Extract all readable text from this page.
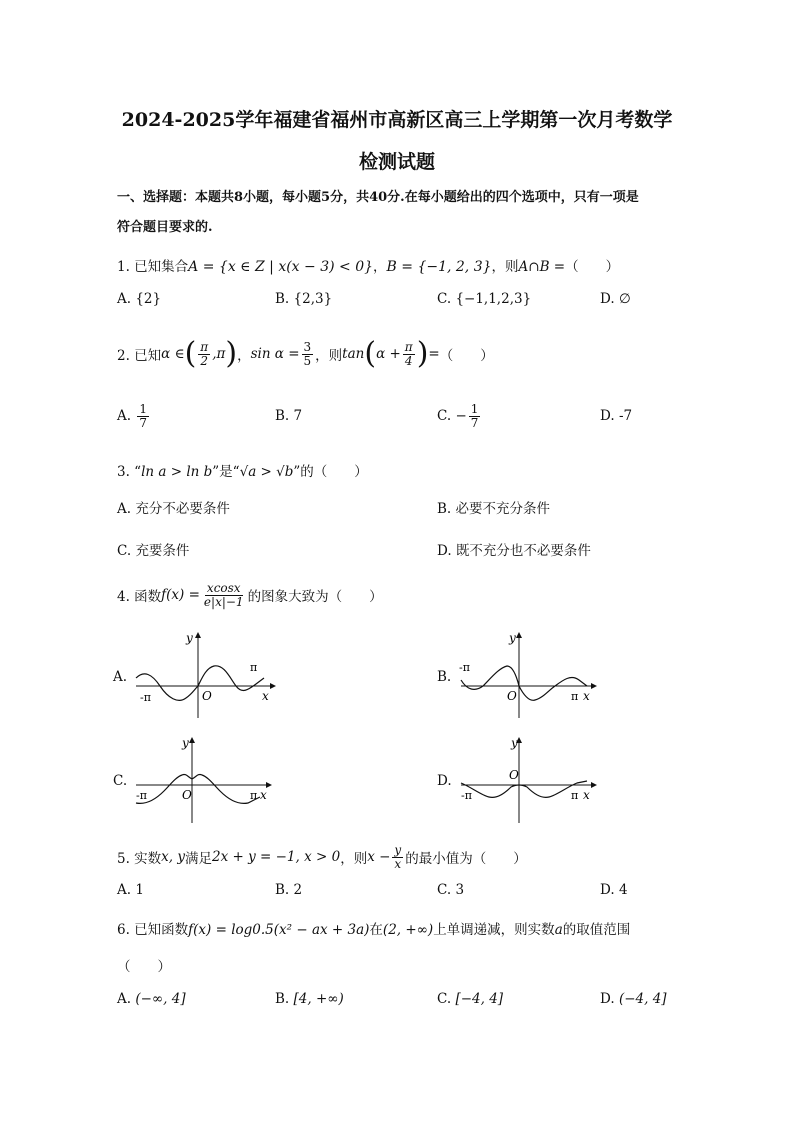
2024-2025学年福建省福州市高新区高三上学期第一次月考数学
检测试题
一、选择题：本题共8小题，每小题5分，共40分.在每小题给出的四个选项中，只有一项是
符合题目要求的.
1. 已知集合A = {x ∈ Z | x(x − 3) < 0}，B = {−1, 2, 3}，则A∩B =（　　）
A. {2}	B. {2,3}	C. {−1,1,2,3}	D. ∅
2. 已知 α ∈ ( $\frac{\pi}{2} ,\pi$ ) ， $\sin \alpha = \frac{3}{5}$ ，则 tan ( $\alpha + \frac{\pi}{4}$ ) = （　　）
A. $\frac{1}{7}$	B. 7	C. − $\frac{1}{7}$	D. -7
3. “ln a > ln b”是“√a > √b”的（　　）
A. 充分不必要条件	B. 必要不充分条件
C. 充要条件	D. 既不充分也不必要条件
4. 函数 $f(x) = \frac{xcosx}{e|x|-1}$ 的图象大致为（　　）
A.	B.
C.	D.
-π
π
O	x
y
-π
π
O	x
y
-π	π
O	x
y
-π	π
O
x
y
5. 实数 x, y 满足 2x + y = −1, x > 0 ，则 $x - \frac{y}{x}$ 的最小值为（　　）
A. 1	B. 2	C. 3	D. 4
6. 已知函数f(x) = log0.5(x² − ax + 3a)在(2, +∞)上单调递减，则实数a的取值范围
（　　）
A. (−∞, 4]	B. [4, +∞)	C. [−4, 4]	D. (−4, 4]
